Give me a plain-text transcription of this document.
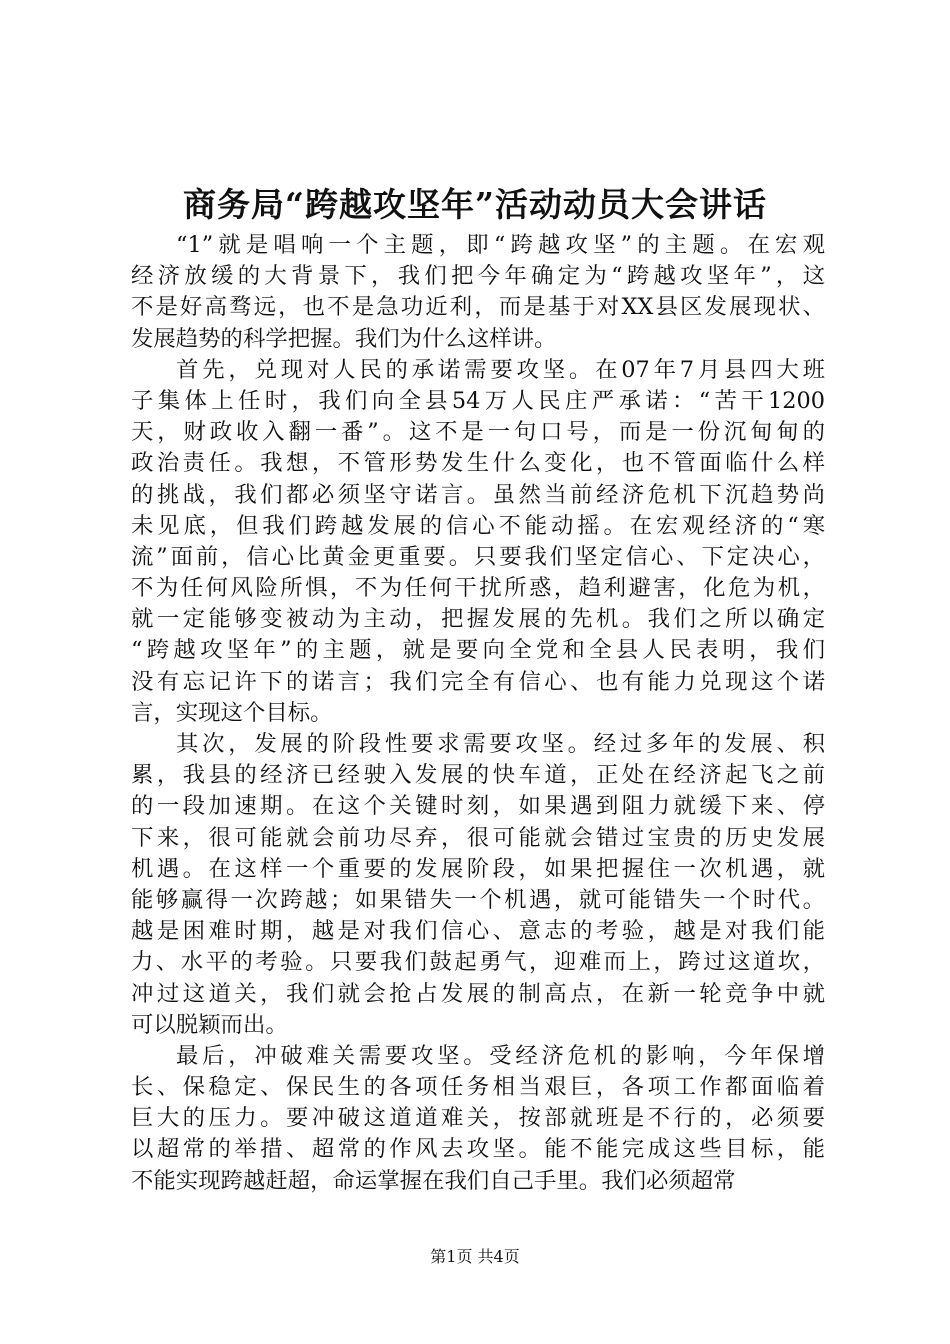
商务局“跨越攻坚年”活动动员大会讲话
“1”就是唱响一个主题，即“跨越攻坚”的主题。在宏观
经济放缓的大背景下，我们把今年确定为“跨越攻坚年”，这
不是好高骛远，也不是急功近利，而是基于对XX县区发展现状、
发展趋势的科学把握。我们为什么这样讲。
首先，兑现对人民的承诺需要攻坚。在07年7月县四大班
子集体上任时，我们向全县54万人民庄严承诺：“苦干1200
天，财政收入翻一番”。这不是一句口号，而是一份沉甸甸的
政治责任。我想，不管形势发生什么变化，也不管面临什么样
的挑战，我们都必须坚守诺言。虽然当前经济危机下沉趋势尚
未见底，但我们跨越发展的信心不能动摇。在宏观经济的“寒
流”面前，信心比黄金更重要。只要我们坚定信心、下定决心，
不为任何风险所惧，不为任何干扰所惑，趋利避害，化危为机，
就一定能够变被动为主动，把握发展的先机。我们之所以确定
“跨越攻坚年”的主题，就是要向全党和全县人民表明，我们
没有忘记许下的诺言；我们完全有信心、也有能力兑现这个诺
言，实现这个目标。
其次，发展的阶段性要求需要攻坚。经过多年的发展、积
累，我县的经济已经驶入发展的快车道，正处在经济起飞之前
的一段加速期。在这个关键时刻，如果遇到阻力就缓下来、停
下来，很可能就会前功尽弃，很可能就会错过宝贵的历史发展
机遇。在这样一个重要的发展阶段，如果把握住一次机遇，就
能够赢得一次跨越；如果错失一个机遇，就可能错失一个时代。
越是困难时期，越是对我们信心、意志的考验，越是对我们能
力、水平的考验。只要我们鼓起勇气，迎难而上，跨过这道坎，
冲过这道关，我们就会抢占发展的制高点，在新一轮竞争中就
可以脱颖而出。
最后，冲破难关需要攻坚。受经济危机的影响，今年保增
长、保稳定、保民生的各项任务相当艰巨，各项工作都面临着
巨大的压力。要冲破这道道难关，按部就班是不行的，必须要
以超常的举措、超常的作风去攻坚。能不能完成这些目标，能
不能实现跨越赶超，命运掌握在我们自己手里。我们必须超常
第1页 共4页
